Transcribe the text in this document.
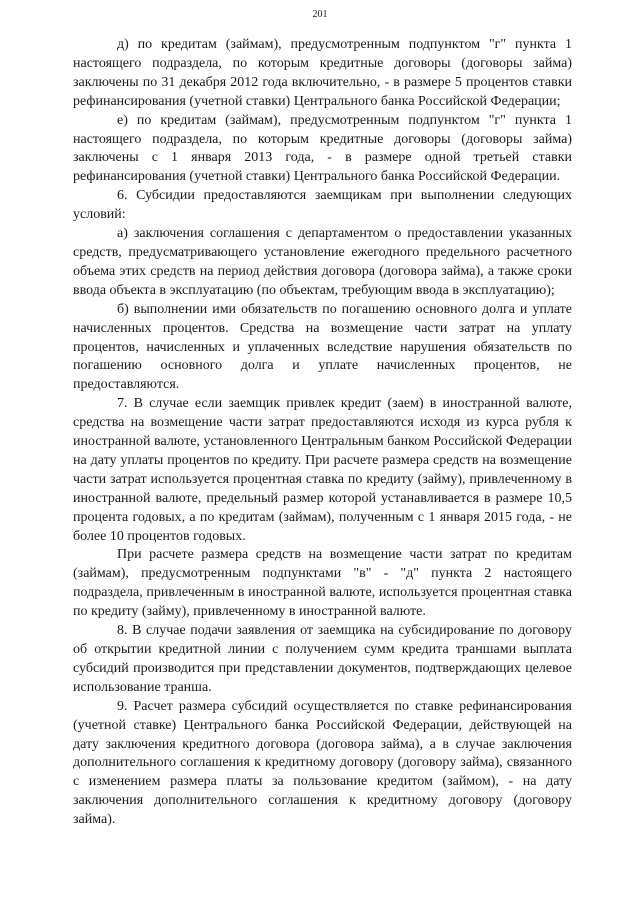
201

д) по кредитам (займам), предусмотренным подпунктом "г" пункта 1 настоящего подраздела, по которым кредитные договоры (договоры займа) заключены по 31 декабря 2012 года включительно, - в размере 5 процентов ставки рефинансирования (учетной ставки) Центрального банка Российской Федерации;

е) по кредитам (займам), предусмотренным подпунктом "г" пункта 1 настоящего подраздела, по которым кредитные договоры (договоры займа) заключены с 1 января 2013 года, - в размере одной третьей ставки рефинансирования (учетной ставки) Центрального банка Российской Федерации.

6. Субсидии предоставляются заемщикам при выполнении следующих условий:

а) заключения соглашения с департаментом о предоставлении указанных средств, предусматривающего установление ежегодного предельного расчетного объема этих средств на период действия договора (договора займа), а также сроки ввода объекта в эксплуатацию (по объектам, требующим ввода в эксплуатацию);

б) выполнении ими обязательств по погашению основного долга и уплате начисленных процентов. Средства на возмещение части затрат на уплату процентов, начисленных и уплаченных вследствие нарушения обязательств по погашению основного долга и уплате начисленных процентов, не предоставляются.

7. В случае если заемщик привлек кредит (заем) в иностранной валюте, средства на возмещение части затрат предоставляются исходя из курса рубля к иностранной валюте, установленного Центральным банком Российской Федерации на дату уплаты процентов по кредиту. При расчете размера средств на возмещение части затрат используется процентная ставка по кредиту (займу), привлеченному в иностранной валюте, предельный размер которой устанавливается в размере 10,5 процента годовых, а по кредитам (займам), полученным с 1 января 2015 года, - не более 10 процентов годовых.

При расчете размера средств на возмещение части затрат по кредитам (займам), предусмотренным подпунктами "в" - "д" пункта 2 настоящего подраздела, привлеченным в иностранной валюте, используется процентная ставка по кредиту (займу), привлеченному в иностранной валюте.

8. В случае подачи заявления от заемщика на субсидирование по договору об открытии кредитной линии с получением сумм кредита траншами выплата субсидий производится при представлении документов, подтверждающих целевое использование транша.

9. Расчет размера субсидий осуществляется по ставке рефинансирования (учетной ставке) Центрального банка Российской Федерации, действующей на дату заключения кредитного договора (договора займа), а в случае заключения дополнительного соглашения к кредитному договору (договору займа), связанного с изменением размера платы за пользование кредитом (займом), - на дату заключения дополнительного соглашения к кредитному договору (договору займа).
